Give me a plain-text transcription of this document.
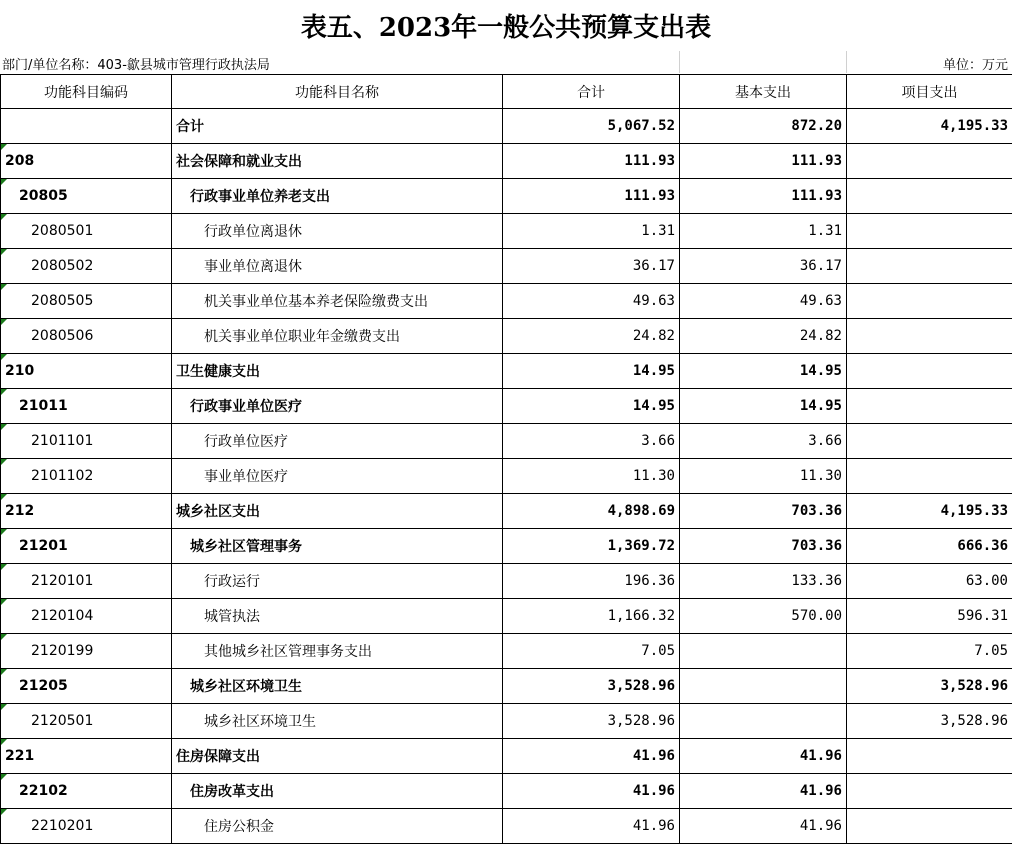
表五、2023年一般公共预算支出表
部门/单位名称：403-歙县城市管理行政执法局	单位：万元
功能科目编码	功能科目名称	合计	基本支出	项目支出
	合计	5,067.52	872.20	4,195.33

208	社会保障和就业支出	111.93	111.93	

20805	行政事业单位养老支出	111.93	111.93	

2080501	行政单位离退休	1.31	1.31	

2080502	事业单位离退休	36.17	36.17	

2080505	机关事业单位基本养老保险缴费支出	49.63	49.63	

2080506	机关事业单位职业年金缴费支出	24.82	24.82	

210	卫生健康支出	14.95	14.95	

21011	行政事业单位医疗	14.95	14.95	

2101101	行政单位医疗	3.66	3.66	

2101102	事业单位医疗	11.30	11.30	

212	城乡社区支出	4,898.69	703.36	4,195.33

21201	城乡社区管理事务	1,369.72	703.36	666.36

2120101	行政运行	196.36	133.36	63.00

2120104	城管执法	1,166.32	570.00	596.31

2120199	其他城乡社区管理事务支出	7.05		7.05

21205	城乡社区环境卫生	3,528.96		3,528.96

2120501	城乡社区环境卫生	3,528.96		3,528.96

221	住房保障支出	41.96	41.96	

22102	住房改革支出	41.96	41.96	

2210201	住房公积金	41.96	41.96	
